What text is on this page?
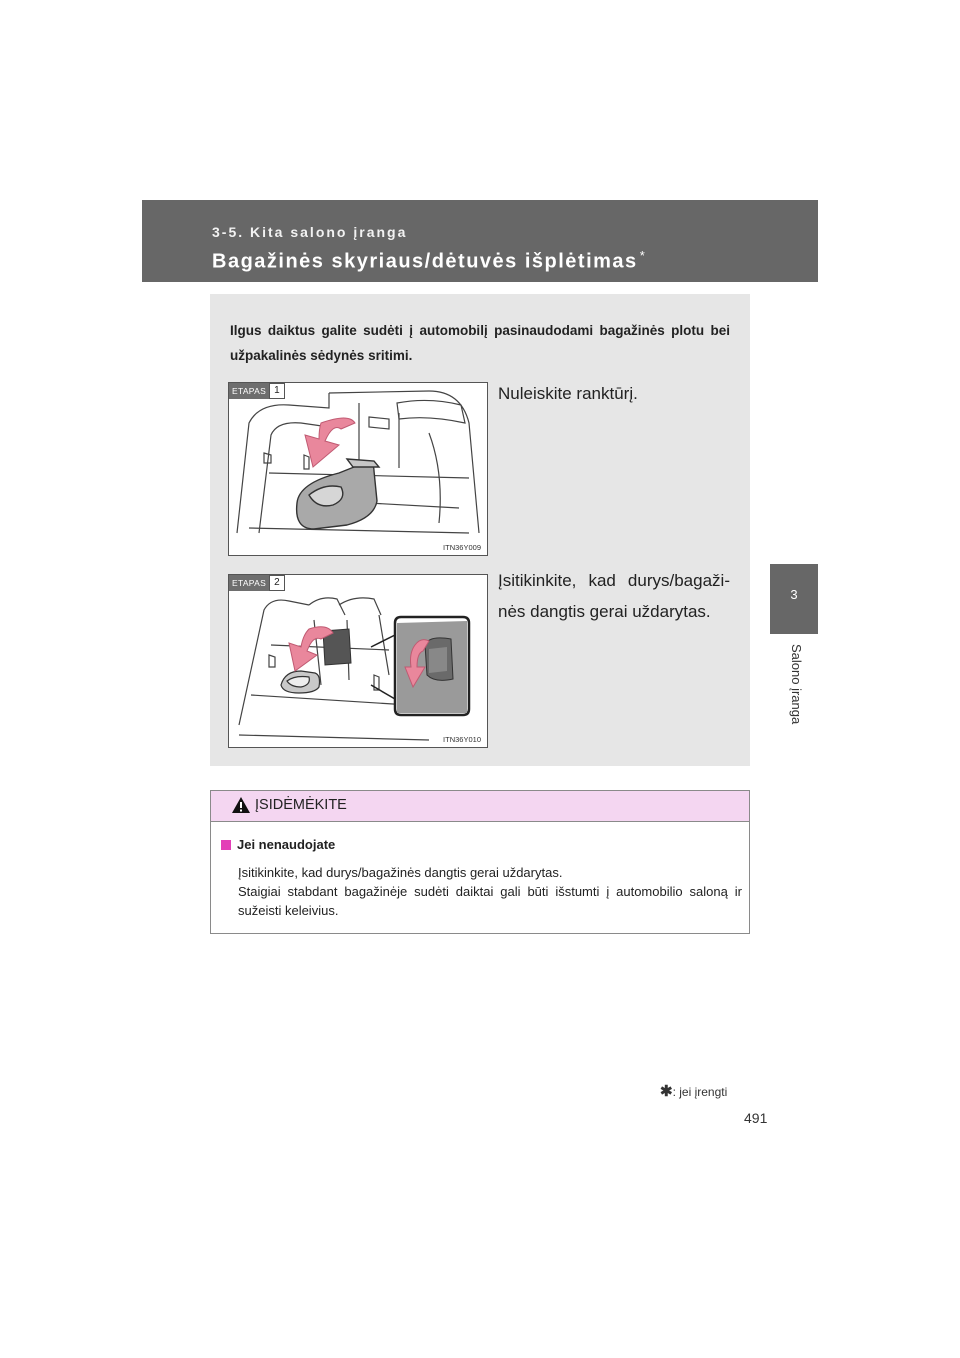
3-5. Kita salono įranga
Bagažinės skyriaus/dėtuvės išplėtimas *
3
Salono įranga
Ilgus daiktus galite sudėti į automobilį pasinaudodami bagažinės plotu bei užpakalinės sėdynės sritimi.
ETAPAS 1
ITN36Y009
Nuleiskite ranktūrį.
ETAPAS 2
ITN36Y010
Įsitikinkite, kad durys/bagaži-nės dangtis gerai uždarytas.
ĮSIDĖMĖKITE
Jei nenaudojate

Įsitikinkite, kad durys/bagažinės dangtis gerai uždarytas.

Staigiai stabdant bagažinėje sudėti daiktai gali būti išstumti į automobilio saloną ir sužeisti keleivius.

✱: jei įrengti
491
